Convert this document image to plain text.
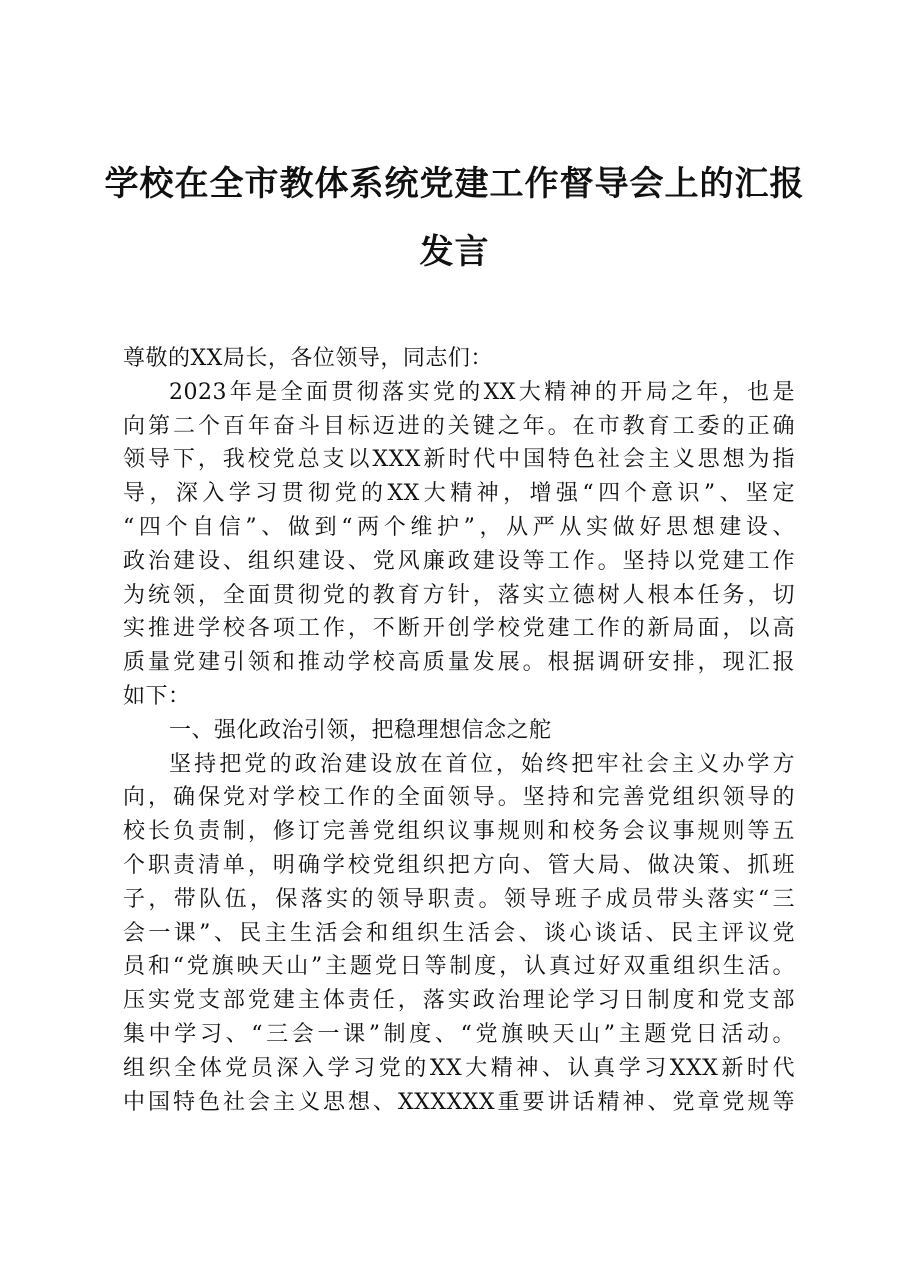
学校在全市教体系统党建工作督导会上的汇报
发言
尊敬的XX局长，各位领导，同志们：
2023年是全面贯彻落实党的XX大精神的开局之年，也是
向第二个百年奋斗目标迈进的关键之年。在市教育工委的正确
领导下，我校党总支以XXX新时代中国特色社会主义思想为指
导，深入学习贯彻党的XX大精神，增强“四个意识”、坚定
“四个自信”、做到“两个维护”，从严从实做好思想建设、
政治建设、组织建设、党风廉政建设等工作。坚持以党建工作
为统领，全面贯彻党的教育方针，落实立德树人根本任务，切
实推进学校各项工作，不断开创学校党建工作的新局面，以高
质量党建引领和推动学校高质量发展。根据调研安排，现汇报
如下：
一、强化政治引领，把稳理想信念之舵
坚持把党的政治建设放在首位，始终把牢社会主义办学方
向，确保党对学校工作的全面领导。坚持和完善党组织领导的
校长负责制，修订完善党组织议事规则和校务会议事规则等五
个职责清单，明确学校党组织把方向、管大局、做决策、抓班
子，带队伍，保落实的领导职责。领导班子成员带头落实“三
会一课”、民主生活会和组织生活会、谈心谈话、民主评议党
员和“党旗映天山”主题党日等制度，认真过好双重组织生活。
压实党支部党建主体责任，落实政治理论学习日制度和党支部
集中学习、“三会一课”制度、“党旗映天山”主题党日活动。
组织全体党员深入学习党的XX大精神、认真学习XXX新时代
中国特色社会主义思想、XXXXXX重要讲话精神、党章党规等
